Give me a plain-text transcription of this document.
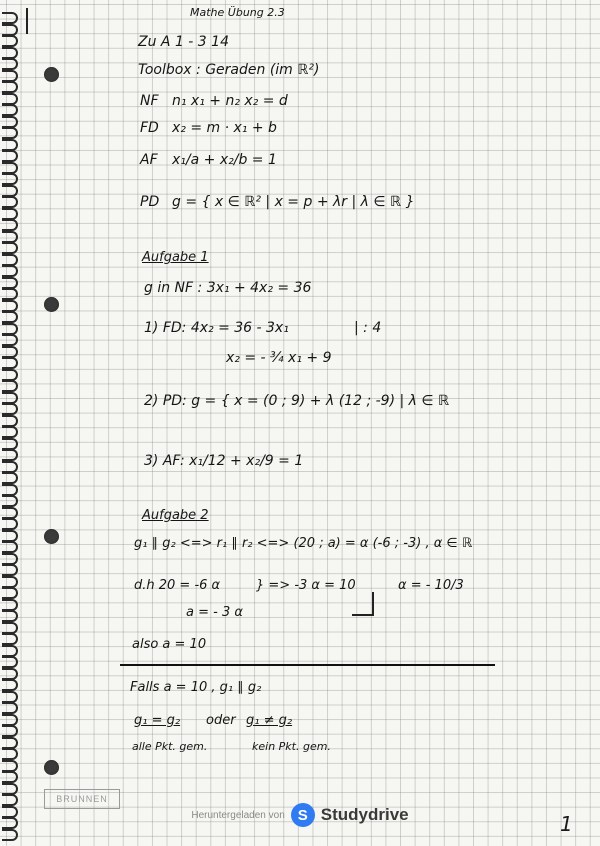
Mathe Übung 2.3
Zu A 1 - 3 14
Toolbox : Geraden (im ℝ²)
NF n₁ x₁ + n₂ x₂ = d
FD x₂ = m · x₁ + b
AF x₁/a + x₂/b = 1
PD g = { x ∈ ℝ² | x = p + λr | λ ∈ ℝ }
Aufgabe 1
g in NF : 3x₁ + 4x₂ = 36
1) FD: 4x₂ = 36 - 3x₁	| : 4
x₂ = - ¾ x₁ + 9
2) PD: g = { x = (0 ; 9) + λ (12 ; -9) | λ ∈ ℝ
3) AF: x₁/12 + x₂/9 = 1
Aufgabe 2
g₁ ∥ g₂ <=> r₁ ∥ r₂ <=> (20 ; a) = α (-6 ; -3) , α ∈ ℝ
d.h 20 = -6 α	} => -3 α = 10	α = - 10/3
a = - 3 α
also a = 10
Falls a = 10 , g₁ ∥ g₂
g₁ = g₂ oder g₁ ≠ g₂
alle Pkt. gem.	kein Pkt. gem.
BRUNNEN
Heruntergeladen von S Studydrive	1
